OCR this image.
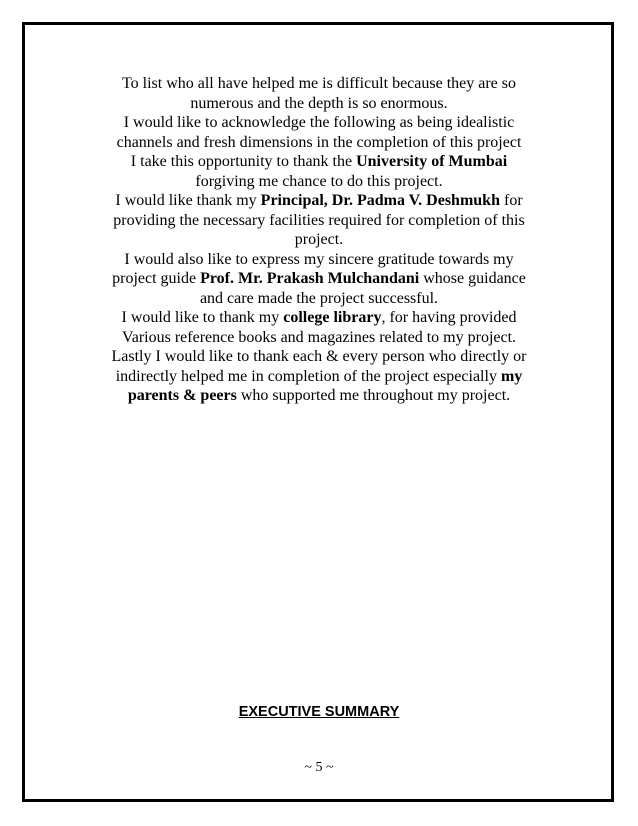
To list who all have helped me is difficult because they are so
numerous and the depth is so enormous.
I would like to acknowledge the following as being idealistic
channels and fresh dimensions in the completion of this project
I take this opportunity to thank the University of Mumbai
forgiving me chance to do this project.
I would like thank my Principal, Dr. Padma V. Deshmukh for
providing the necessary facilities required for completion of this
project.
I would also like to express my sincere gratitude towards my
project guide Prof. Mr. Prakash Mulchandani whose guidance
and care made the project successful.
I would like to thank my college library, for having provided
Various reference books and magazines related to my project.
Lastly I would like to thank each & every person who directly or
indirectly helped me in completion of the project especially my
parents & peers who supported me throughout my project.
EXECUTIVE SUMMARY
~ 5 ~
